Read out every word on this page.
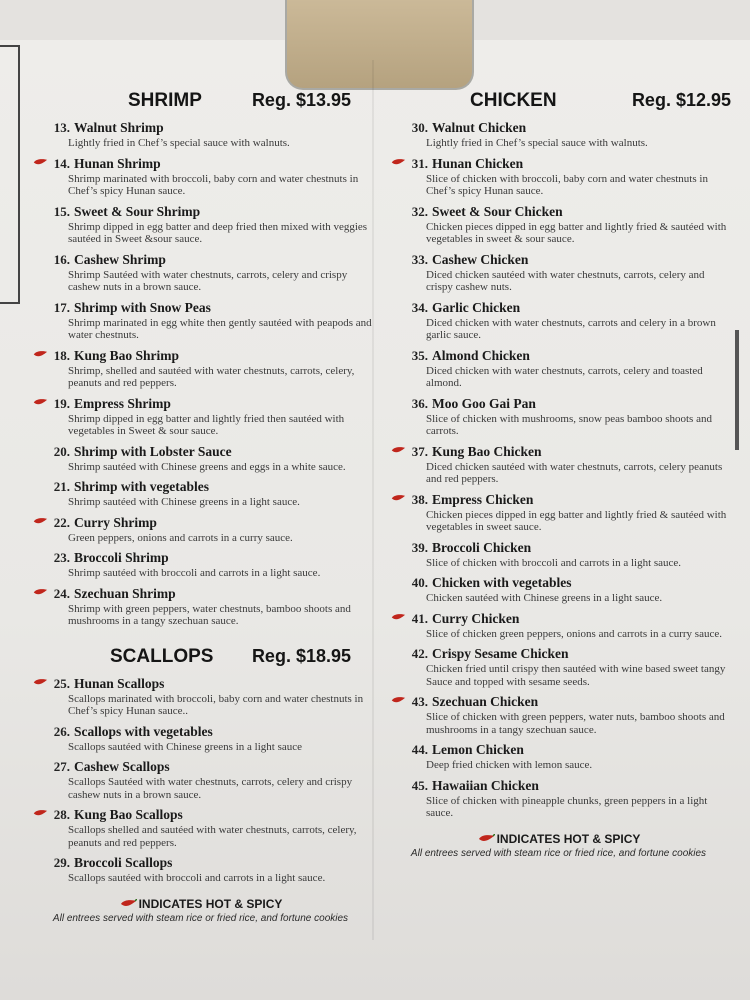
SHRIMP	Reg. $13.95
13. Walnut Shrimp
Lightly fried in Chef’s special sauce with walnuts.
14. Hunan Shrimp
Shrimp marinated with broccoli, baby corn and water chestnuts in Chef’s spicy Hunan sauce.
15. Sweet & Sour Shrimp
Shrimp dipped in egg batter and deep fried then mixed with veggies sautéed in Sweet &sour sauce.
16. Cashew Shrimp
Shrimp Sautéed with water chestnuts, carrots, celery and crispy cashew nuts in a brown sauce.
17. Shrimp with Snow Peas
Shrimp marinated in egg white then gently sautéed with peapods and water chestnuts.
18. Kung Bao Shrimp
Shrimp, shelled and sautéed with water chestnuts, carrots, celery, peanuts and red peppers.
19. Empress Shrimp
Shrimp dipped in egg batter and lightly fried then sautéed with vegetables in Sweet & sour sauce.
20. Shrimp with Lobster Sauce
Shrimp sautéed with Chinese greens and eggs in a white sauce.
21. Shrimp with vegetables
Shrimp sautéed with Chinese greens in a light sauce.
22. Curry Shrimp
Green peppers, onions and carrots in a curry sauce.
23. Broccoli Shrimp
Shrimp sautéed with broccoli and carrots in a light sauce.
24. Szechuan Shrimp
Shrimp with green peppers, water chestnuts, bamboo shoots and mushrooms in a tangy szechuan sauce.
SCALLOPS Reg. $18.95
25. Hunan Scallops
Scallops marinated with broccoli, baby corn and water chestnuts in Chef’s spicy Hunan sauce..
26. Scallops with vegetables
Scallops sautéed with Chinese greens in a light sauce
27. Cashew Scallops
Scallops Sautéed with water chestnuts, carrots, celery and crispy cashew nuts in a brown sauce.
28. Kung Bao Scallops
Scallops shelled and sautéed with water chestnuts, carrots, celery, peanuts and red peppers.
29. Broccoli Scallops
Scallops sautéed with broccoli and carrots in a light sauce.
INDICATES HOT & SPICY
All entrees served with steam rice or fried rice, and fortune cookies
CHICKEN	Reg. $12.95
30. Walnut Chicken
Lightly fried in Chef’s special sauce with walnuts.
31. Hunan Chicken
Slice of chicken with broccoli, baby corn and water chestnuts in Chef’s spicy Hunan sauce.
32. Sweet & Sour Chicken
Chicken pieces dipped in egg batter and lightly fried & sautéed with vegetables in sweet & sour sauce.
33. Cashew Chicken
Diced chicken sautéed with water chestnuts, carrots, celery and crispy cashew nuts.
34. Garlic Chicken
Diced chicken with water chestnuts, carrots and celery in a brown garlic sauce.
35. Almond Chicken
Diced chicken with water chestnuts, carrots, celery and toasted almond.
36. Moo Goo Gai Pan
Slice of chicken with mushrooms, snow peas bamboo shoots and carrots.
37. Kung Bao Chicken
Diced chicken sautéed with water chestnuts, carrots, celery peanuts and red peppers.
38. Empress Chicken
Chicken pieces dipped in egg batter and lightly fried & sautéed with vegetables in sweet sauce.
39. Broccoli Chicken
Slice of chicken with broccoli and carrots in a light sauce.
40. Chicken with vegetables
Chicken sautéed with Chinese greens in a light sauce.
41. Curry Chicken
Slice of chicken green peppers, onions and carrots in a curry sauce.
42. Crispy Sesame Chicken
Chicken fried until crispy then sautéed with wine based sweet tangy Sauce and topped with sesame seeds.
43. Szechuan Chicken
Slice of chicken with green peppers, water nuts, bamboo shoots and mushrooms in a tangy szechuan sauce.
44. Lemon Chicken
Deep fried chicken with lemon sauce.
45. Hawaiian Chicken
Slice of chicken with pineapple chunks, green peppers in a light sauce.
INDICATES HOT & SPICY
All entrees served with steam rice or fried rice, and fortune cookies
